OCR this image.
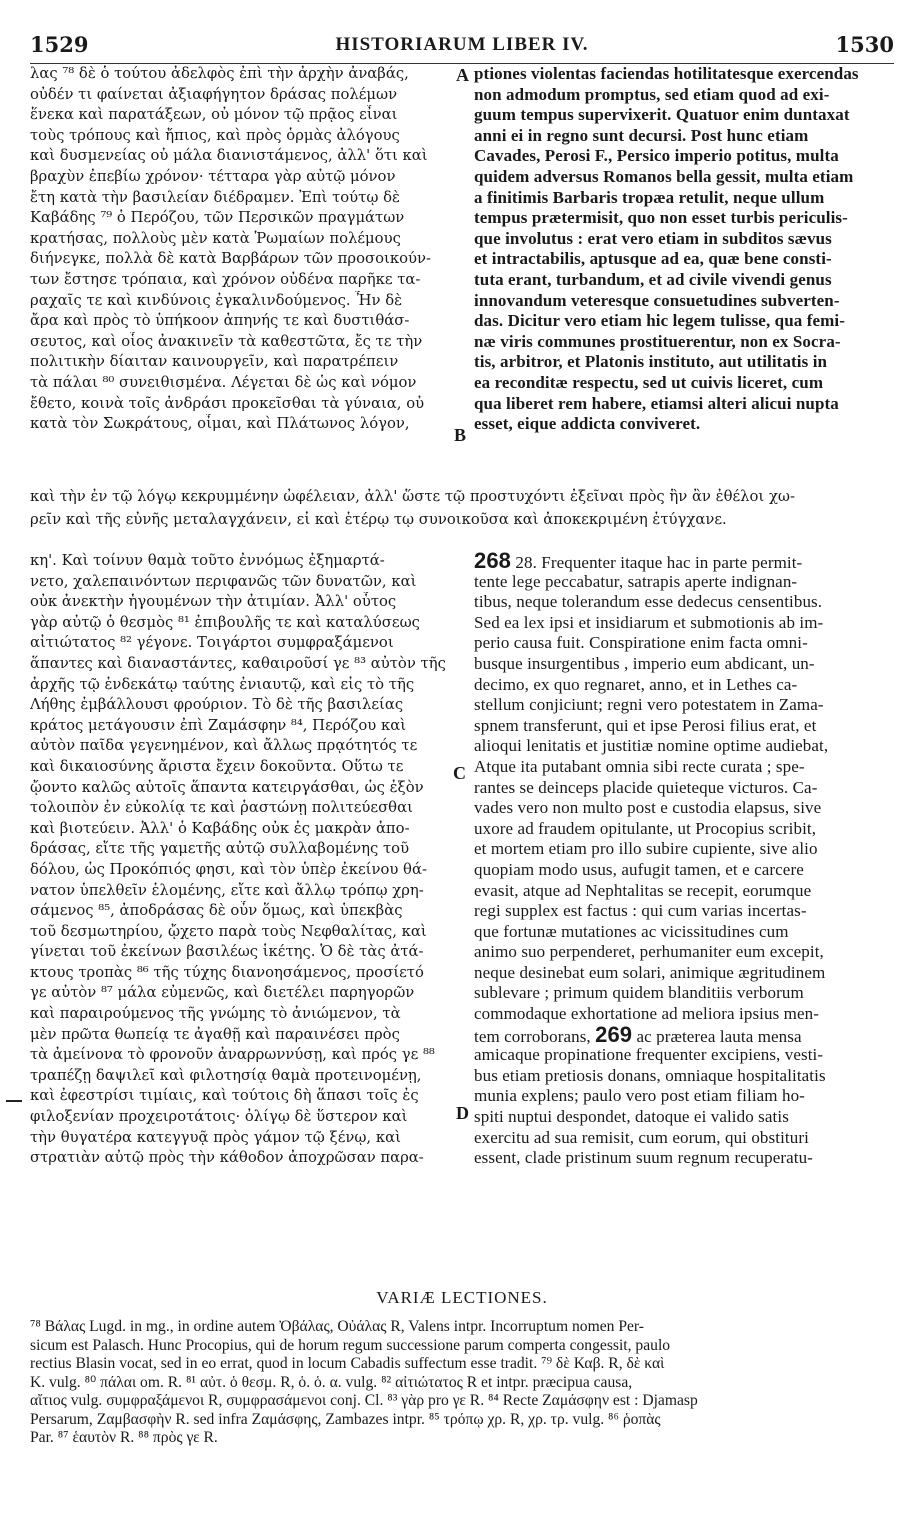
1529	HISTORIARUM LIBER IV.	1530
λας ⁷⁸ δὲ ὁ τούτου ἀδελφὸς ἐπὶ τὴν ἀρχὴν ἀναβάς,
οὐδέν τι φαίνεται ἀξιαφήγητον δράσας πολέμων
ἕνεκα καὶ παρατάξεων, οὐ μόνον τῷ πρᾷος εἶναι
τοὺς τρόπους καὶ ἤπιος, καὶ πρὸς ὁρμὰς ἀλόγους
καὶ δυσμενείας οὐ μάλα διανιστάμενος, ἀλλ' ὅτι καὶ
βραχὺν ἐπεβίω χρόνον· τέτταρα γὰρ αὐτῷ μόνον
ἔτη κατὰ τὴν βασιλείαν διέδραμεν. Ἐπὶ τούτῳ δὲ
Καβάδης ⁷⁹ ὁ Περόζου, τῶν Περσικῶν πραγμάτων
κρατήσας, πολλοὺς μὲν κατὰ Ῥωμαίων πολέμους
διήνεγκε, πολλὰ δὲ κατὰ Βαρβάρων τῶν προσοικούν-
των ἔστησε τρόπαια, καὶ χρόνον οὐδένα παρῆκε τα-
ραχαῖς τε καὶ κινδύνοις ἐγκαλινδούμενος. Ἦν δὲ
ἄρα καὶ πρὸς τὸ ὑπήκοον ἀπηνής τε καὶ δυστιθάσ-
σευτος, καὶ οἷος ἀνακινεῖν τὰ καθεστῶτα, ἔς τε τὴν
πολιτικὴν δίαιταν καινουργεῖν, καὶ παρατρέπειν
τὰ πάλαι ⁸⁰ συνειθισμένα. Λέγεται δὲ ὡς καὶ νόμον
ἔθετο, κοινὰ τοῖς ἀνδράσι προκεῖσθαι τὰ γύναια, οὐ
κατὰ τὸν Σωκράτους, οἶμαι, καὶ Πλάτωνος λόγον,
ptiones violentas faciendas hotilitatesque exercendas
non admodum promptus, sed etiam quod ad exi-
guum tempus supervixerit. Quatuor enim duntaxat
anni ei in regno sunt decursi. Post hunc etiam
Cavades, Perosi F., Persico imperio potitus, multa
quidem adversus Romanos bella gessit, multa etiam
a finitimis Barbaris tropæa retulit, neque ullum
tempus prætermisit, quo non esset turbis periculis-
que involutus : erat vero etiam in subditos sævus
et intractabilis, aptusque ad ea, quæ bene consti-
tuta erant, turbandum, et ad civile vivendi genus
innovandum veteresque consuetudines subverten-
das. Dicitur vero etiam hic legem tulisse, qua femi-
næ viris communes prostituerentur, non ex Socra-
tis, arbitror, et Platonis instituto, aut utilitatis in
ea reconditæ respectu, sed ut cuivis liceret, cum
qua liberet rem habere, etiamsi alteri alicui nupta
esset, eique addicta conviveret.
A
B
C
D
καὶ τὴν ἐν τῷ λόγῳ κεκρυμμένην ὠφέλειαν, ἀλλ' ὥστε τῷ προστυχόντι ἐξεῖναι πρὸς ἣν ἂν ἐθέλοι χω-
ρεῖν καὶ τῆς εὐνῆς μεταλαγχάνειν, εἰ καὶ ἑτέρῳ τῳ συνοικοῦσα καὶ ἀποκεκριμένη ἐτύγχανε.
κη'. Καὶ τοίνυν θαμὰ τοῦτο ἐννόμως ἐξημαρτά-
νετο, χαλεπαινόντων περιφανῶς τῶν δυνατῶν, καὶ
οὐκ ἀνεκτὴν ἡγουμένων τὴν ἀτιμίαν. Ἀλλ' οὗτος
γὰρ αὐτῷ ὁ θεσμὸς ⁸¹ ἐπιβουλῆς τε καὶ καταλύσεως
αἰτιώτατος ⁸² γέγονε. Τοιγάρτοι συμφραξάμενοι
ἅπαντες καὶ διαναστάντες, καθαιροῦσί γε ⁸³ αὐτὸν τῆς
ἀρχῆς τῷ ἐνδεκάτῳ ταύτης ἐνιαυτῷ, καὶ εἰς τὸ τῆς
Λήθης ἐμβάλλουσι φρούριον. Τὸ δὲ τῆς βασιλείας
κράτος μετάγουσιν ἐπὶ Ζαμάσφην ⁸⁴, Περόζου καὶ
αὐτὸν παῖδα γεγενημένον, καὶ ἄλλως πρᾳότητός τε
καὶ δικαιοσύνης ἄριστα ἔχειν δοκοῦντα. Οὕτω τε
ᾤοντο καλῶς αὐτοῖς ἅπαντα κατειργάσθαι, ὡς ἐξὸν
τολοιπὸν ἐν εὐκολίᾳ τε καὶ ῥαστώνῃ πολιτεύεσθαι
καὶ βιοτεύειν. Ἀλλ' ὁ Καβάδης οὐκ ἐς μακρὰν ἀπο-
δράσας, εἴτε τῆς γαμετῆς αὐτῷ συλλαβομένης τοῦ
δόλου, ὡς Προκόπιός φησι, καὶ τὸν ὑπὲρ ἐκείνου θά-
νατον ὑπελθεῖν ἑλομένης, εἴτε καὶ ἄλλῳ τρόπῳ χρη-
σάμενος ⁸⁵, ἀποδράσας δὲ οὖν ὅμως, καὶ ὑπεκβὰς
τοῦ δεσμωτηρίου, ᾤχετο παρὰ τοὺς Νεφθαλίτας, καὶ
γίνεται τοῦ ἐκείνων βασιλέως ἱκέτης. Ὁ δὲ τὰς ἀτά-
κτους τροπὰς ⁸⁶ τῆς τύχης διανοησάμενος, προσίετό
γε αὐτὸν ⁸⁷ μάλα εὐμενῶς, καὶ διετέλει παρηγορῶν
καὶ παραιρούμενος τῆς γνώμης τὸ ἀνιώμενον, τὰ
μὲν πρῶτα θωπείᾳ τε ἀγαθῇ καὶ παραινέσει πρὸς
τὰ ἀμείνονα τὸ φρονοῦν ἀναρρωννύσῃ, καὶ πρός γε ⁸⁸
τραπέζῃ δαψιλεῖ καὶ φιλοτησίᾳ θαμὰ προτεινομένῃ,
καὶ ἐφεστρίσι τιμίαις, καὶ τούτοις δὴ ἅπασι τοῖς ἐς
φιλοξενίαν προχειροτάτοις· ὀλίγῳ δὲ ὕστερον καὶ
τὴν θυγατέρα κατεγγυᾷ πρὸς γάμον τῷ ξένῳ, καὶ
στρατιὰν αὐτῷ πρὸς τὴν κάθοδον ἀποχρῶσαν παρα-
268 28. Frequenter itaque hac in parte permit-
tente lege peccabatur, satrapis aperte indignan-
tibus, neque tolerandum esse dedecus censentibus.
Sed ea lex ipsi et insidiarum et submotionis ab im-
perio causa fuit. Conspiratione enim facta omni-
busque insurgentibus , imperio eum abdicant, un-
decimo, ex quo regnaret, anno, et in Lethes ca-
stellum conjiciunt; regni vero potestatem in Zama-
spnem transferunt, qui et ipse Perosi filius erat, et
alioqui lenitatis et justitiæ nomine optime audiebat,
Atque ita putabant omnia sibi recte curata ; spe-
rantes se deinceps placide quieteque victuros. Ca-
vades vero non multo post e custodia elapsus, sive
uxore ad fraudem opitulante, ut Procopius scribit,
et mortem etiam pro illo subire cupiente, sive alio
quopiam modo usus, aufugit tamen, et e carcere
evasit, atque ad Nephtalitas se recepit, eorumque
regi supplex est factus : qui cum varias incertas-
que fortunæ mutationes ac vicissitudines cum
animo suo perpenderet, perhumaniter eum excepit,
neque desinebat eum solari, animique ægritudinem
sublevare ; primum quidem blanditiis verborum
commodaque exhortatione ad meliora ipsius men-
tem corroborans, 269 ac præterea lauta mensa
amicaque propinatione frequenter excipiens, vesti-
bus etiam pretiosis donans, omniaque hospitalitatis
munia explens; paulo vero post etiam filiam ho-
spiti nuptui despondet, datoque ei valido satis
exercitu ad sua remisit, cum eorum, qui obstituri
essent, clade pristinum suum regnum recuperatu-
VARIÆ LECTIONES.
⁷⁸ Βάλας Lugd. in mg., in ordine autem Ὀβάλας, Οὐάλας R, Valens intpr. Incorruptum nomen Per-
sicum est Palasch. Hunc Procopius, qui de horum regum successione parum comperta congessit, paulo
rectius Blasin vocat, sed in eo errat, quod in locum Cabadis suffectum esse tradit. ⁷⁹ δὲ Καβ. R, δὲ καὶ
K. vulg. ⁸⁰ πάλαι om. R. ⁸¹ αὐτ. ὁ θεσμ. R, ὁ. ὁ. α. vulg. ⁸² αἰτιώτατος R et intpr. præcipua causa,
αἴτιος vulg. συμφραξάμενοι R, συμφρασάμενοι conj. Cl. ⁸³ γὰρ pro γε R. ⁸⁴ Recte Ζαμάσφην est : Djamasp
Persarum, Ζαμβασφὴν R. sed infra Ζαμάσφης, Zambazes intpr. ⁸⁵ τρόπῳ χρ. R, χρ. τρ. vulg. ⁸⁶ ῥοπὰς
Par. ⁸⁷ ἑαυτὸν R. ⁸⁸ πρὸς γε R.
